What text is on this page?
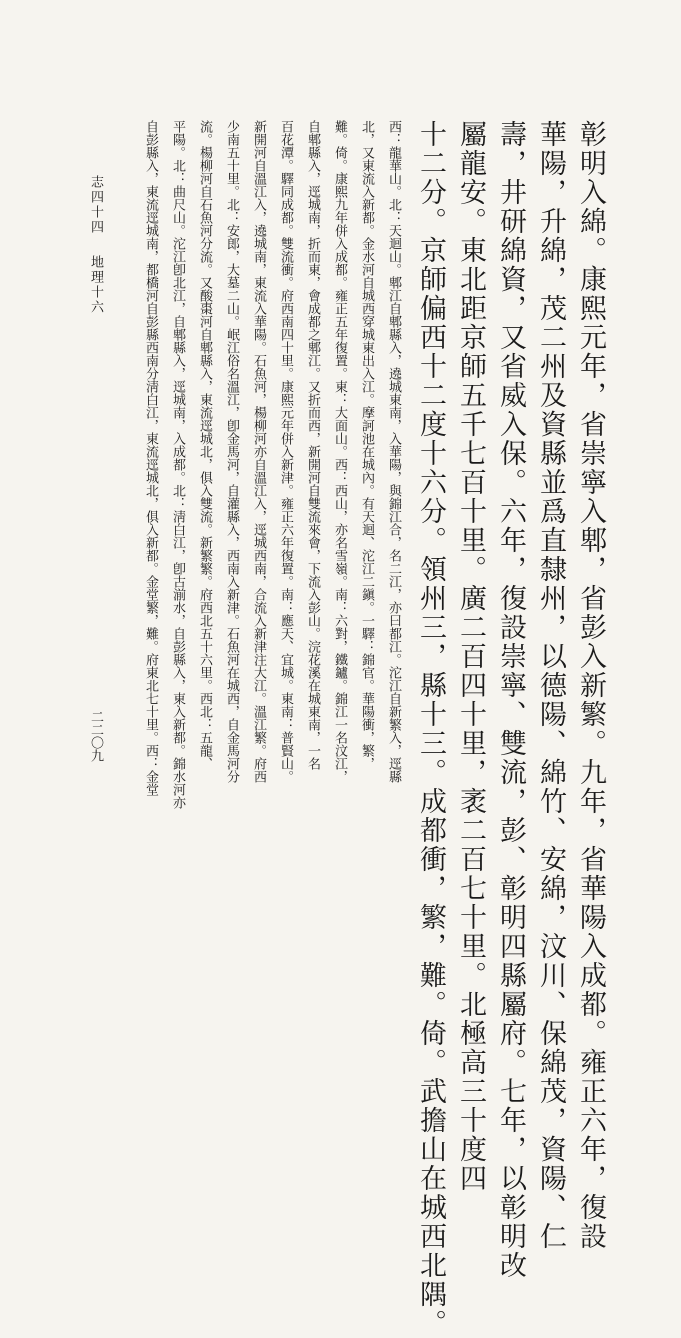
彰明入綿。康熙元年，省崇寧入郫，省彭入新繁。九年，省華陽入成都。雍正六年，復設
華陽，升綿，茂二州及資縣並爲直隸州，以德陽、綿竹、安綿，汶川、保綿茂，資陽、仁
壽，井研綿資，又省威入保。六年，復設崇寧、雙流，彭、彰明四縣屬府。七年，以彰明改
屬龍安。東北距京師五千七百十里。廣二百四十里，袤二百七十里。北極高三十度四
十二分。京師偏西十二度十六分。領州三，縣十三。成都衝，繁，難。倚。武擔山在城西北隅。
西：龍華山。北：天迴山。郫江自郫縣入，遶城東南，入華陽，與錦江合，名二江，亦曰都江。沱江自新繁入，逕縣
北，又東流入新都。金水河自城西穿城東出入江。摩訶池在城內。有天迴、沱江二鎭。一驛：錦官。華陽衝，繁，
難。倚。康熙九年併入成都。雍正五年復置。東：大面山。西：西山，亦名雪嶺。南：六對，鐵鑪。錦江一名汶江，
自郫縣入，逕城南，折而東，會成都之郫江。又折而西，新開河自雙流來會，下流入彭山。浣花溪在城東南，一名
百花潭。驛同成都。雙流衝。府西南四十里。康熙元年併入新津。雍正六年復置。南：應天、宜城。東南：普賢山。
新開河自溫江入，遶城南，東流入華陽。石魚河，楊柳河亦自溫江入，逕城西南，合流入新津注大江。溫江繁。府西
少南五十里。北：安郎，大墓二山。岷江俗名溫江，卽金馬河，自灌縣入，西南入新津。石魚河在城西，自金馬河分
流。楊柳河自石魚河分流。又酸棗河自郫縣入，東流逕城北，俱入雙流。新繁繁。府西北五十六里。西北：五龍、
平陽。北：曲尺山。沱江卽北江，自郫縣入，逕城南，入成都。北：淸白江，卽古湔水，自彭縣入，東入新都。錦水河亦
自彭縣入，東流逕城南，都橋河自彭縣西南分淸白江，東流逕城北，俱入新都。金堂繁，難。府東北七十里。西：金堂
志四十四
地理十六
二二〇九
